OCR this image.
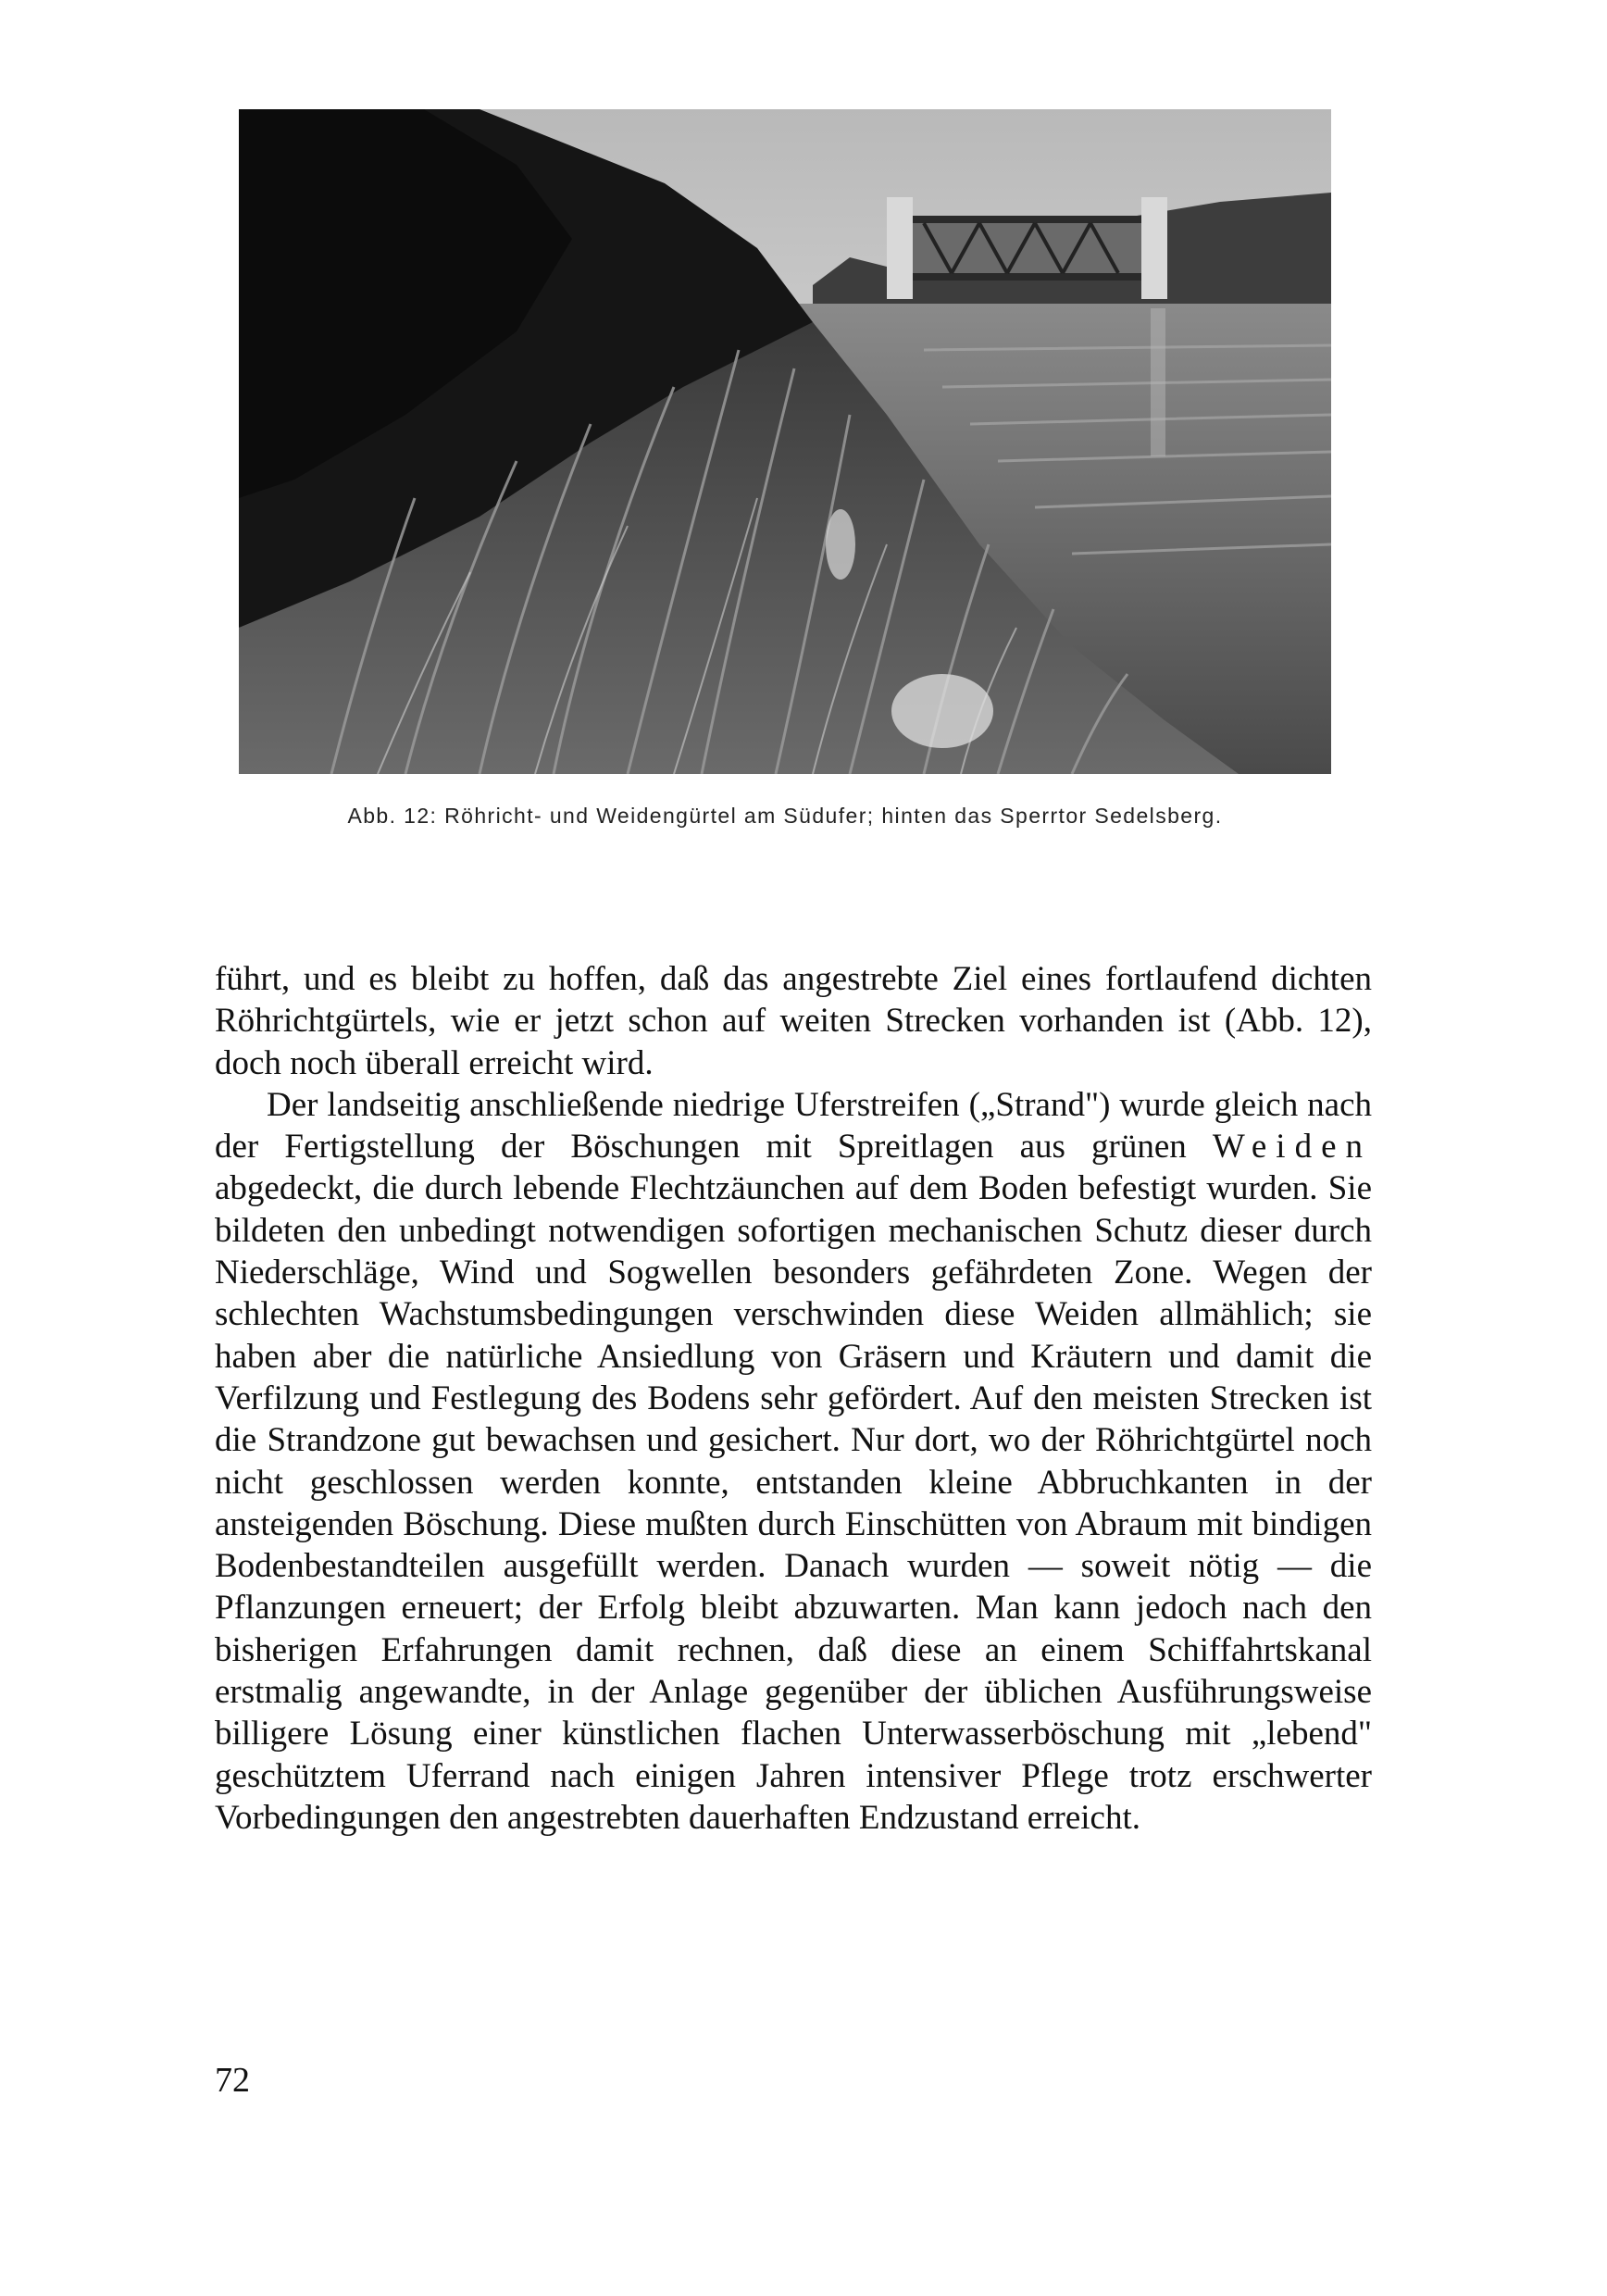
Abb. 12: Röhricht- und Weidengürtel am Südufer; hinten das Sperrtor Sedelsberg.

führt, und es bleibt zu hoffen, daß das angestrebte Ziel eines fortlaufend dichten Röhrichtgürtels, wie er jetzt schon auf weiten Strecken vorhanden ist (Abb. 12), doch noch überall erreicht wird.

Der landseitig anschließende niedrige Uferstreifen („Strand") wurde gleich nach der Fertigstellung der Böschungen mit Spreitlagen aus grünen Weiden abgedeckt, die durch lebende Flechtzäunchen auf dem Boden befestigt wurden. Sie bildeten den unbedingt notwendigen sofortigen mechanischen Schutz dieser durch Niederschläge, Wind und Sogwellen besonders gefährdeten Zone. Wegen der schlechten Wachstumsbedingungen verschwinden diese Weiden allmählich; sie haben aber die natürliche Ansiedlung von Gräsern und Kräutern und damit die Verfilzung und Festlegung des Bodens sehr gefördert. Auf den meisten Strecken ist die Strandzone gut bewachsen und gesichert. Nur dort, wo der Röhrichtgürtel noch nicht geschlossen werden konnte, entstanden kleine Abbruchkanten in der ansteigenden Böschung. Diese mußten durch Einschütten von Abraum mit bindigen Bodenbestandteilen ausgefüllt werden. Danach wurden — soweit nötig — die Pflanzungen erneuert; der Erfolg bleibt abzuwarten. Man kann jedoch nach den bisherigen Erfahrungen damit rechnen, daß diese an einem Schiffahrtskanal erstmalig angewandte, in der Anlage gegenüber der üblichen Ausführungsweise billigere Lösung einer künstlichen flachen Unterwasserböschung mit „lebend" geschütztem Uferrand nach einigen Jahren intensiver Pflege trotz erschwerter Vorbedingungen den angestrebten dauerhaften Endzustand erreicht.

72
